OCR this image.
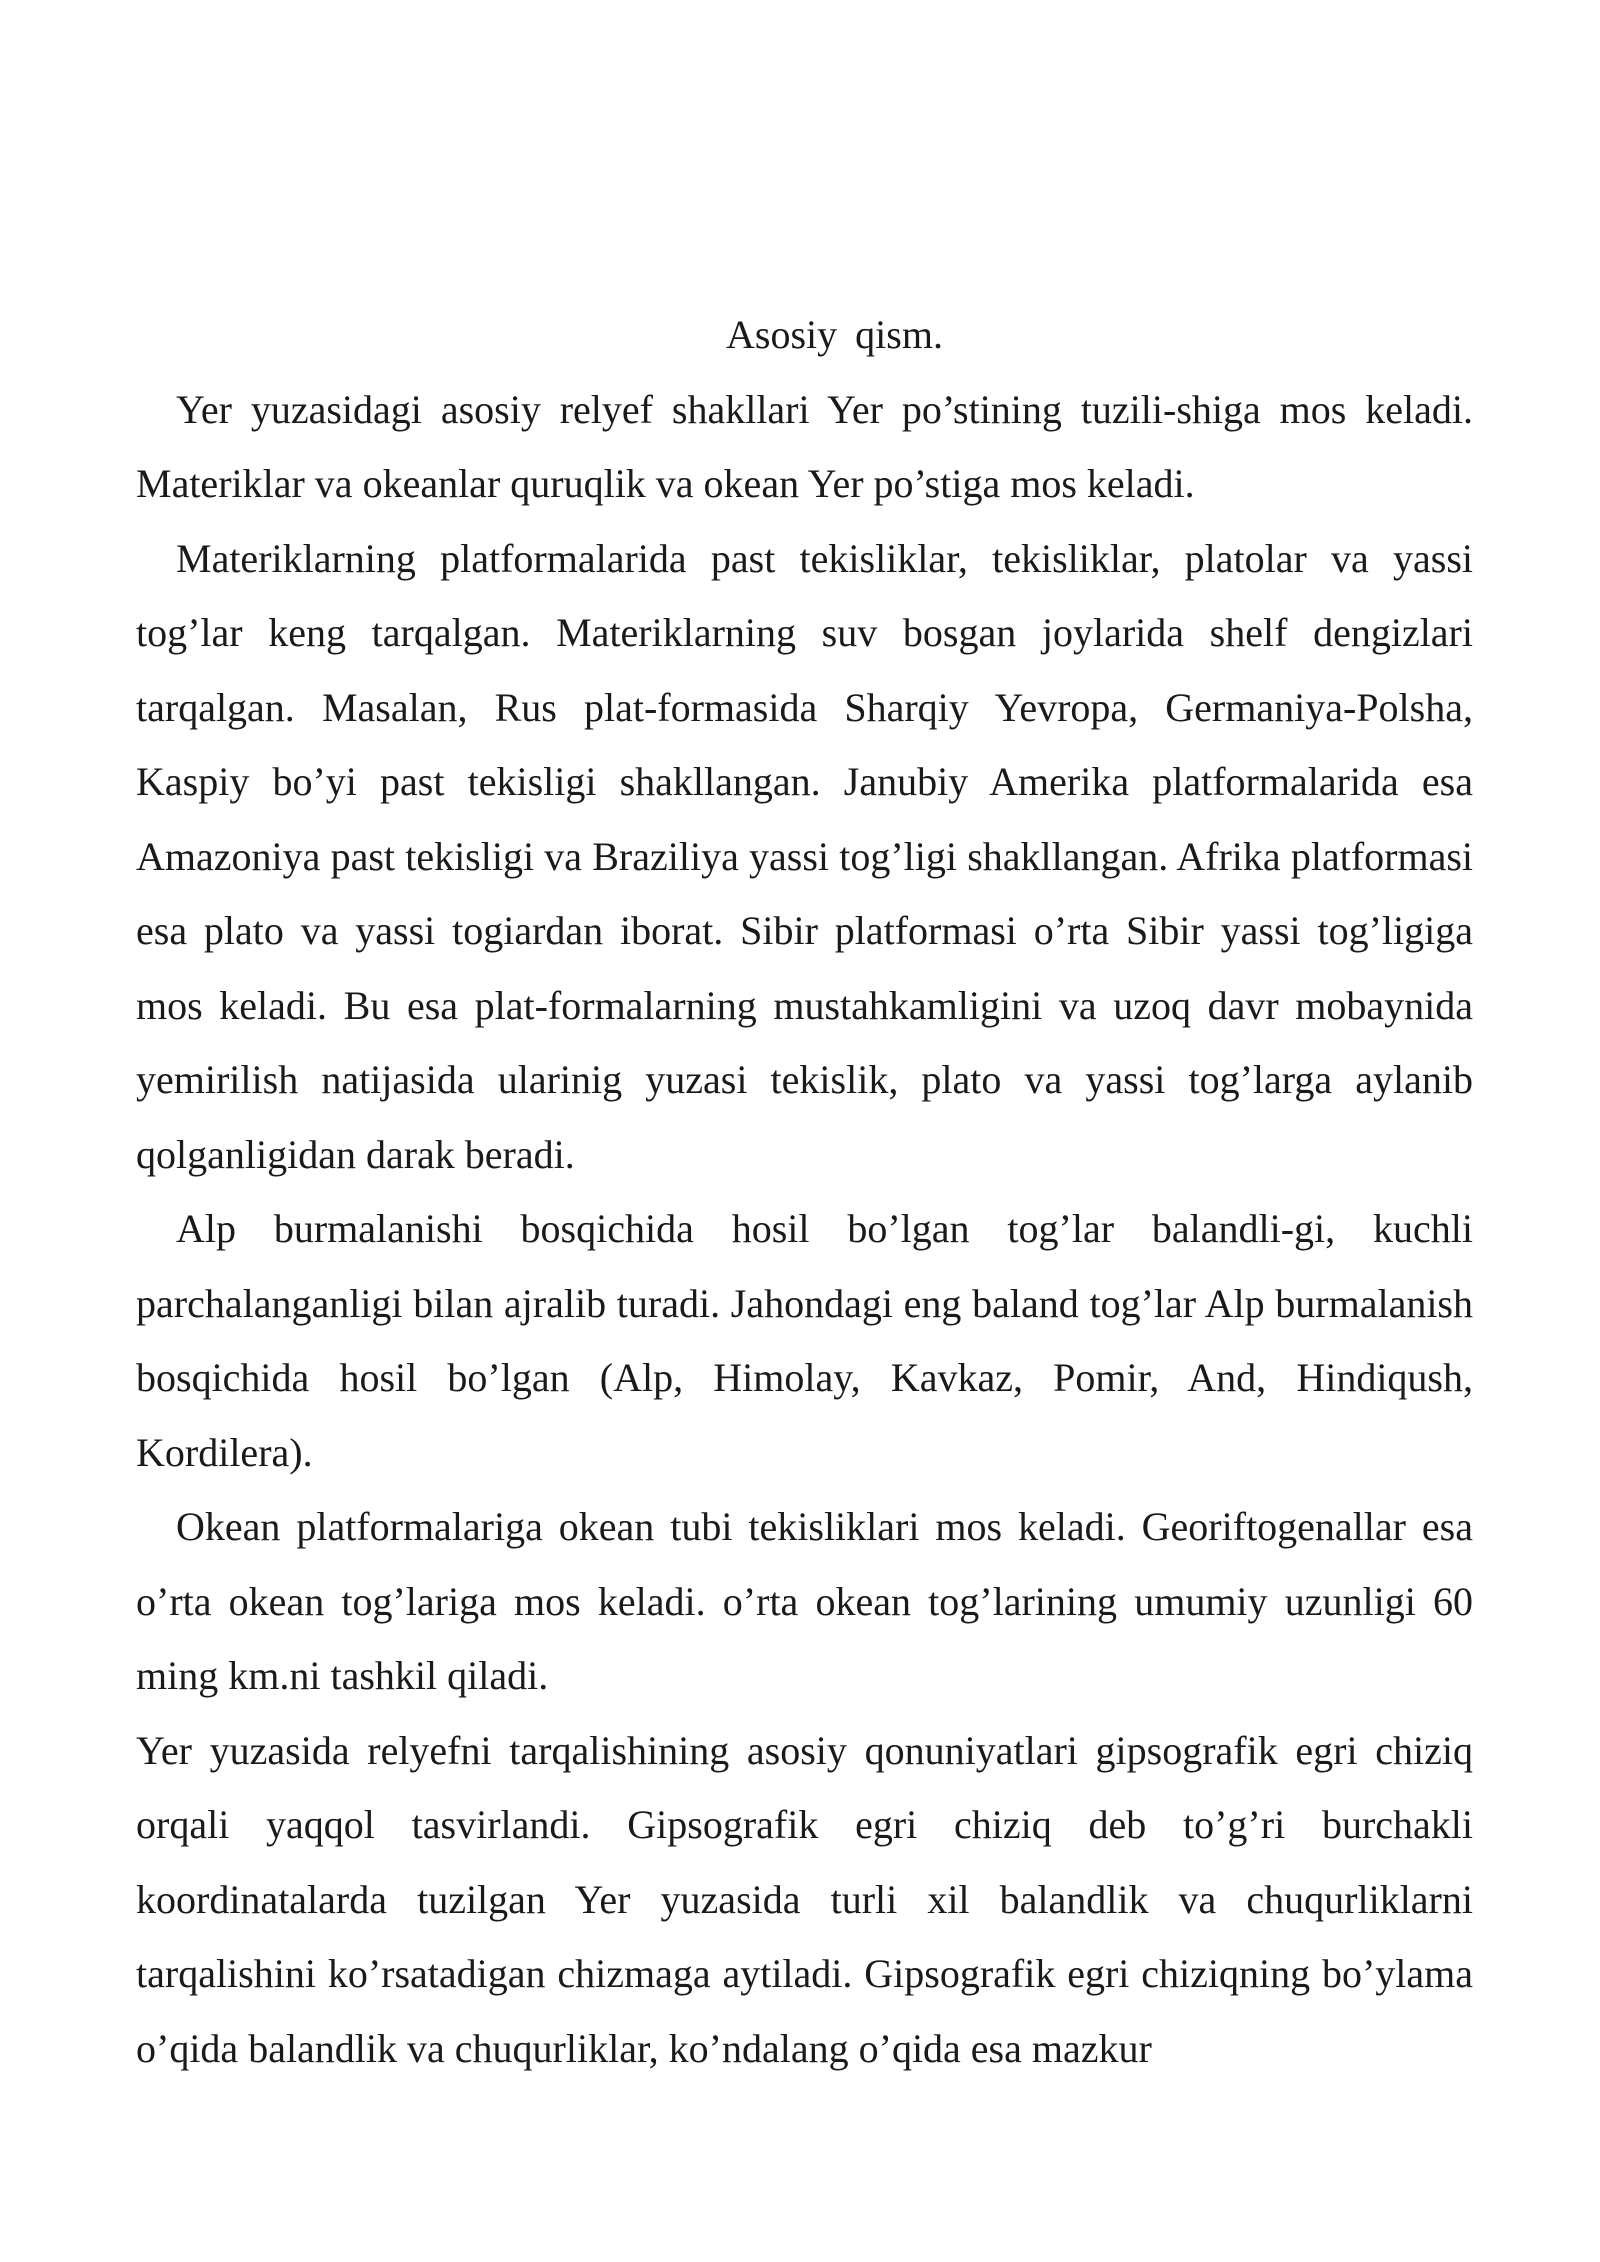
Asosiy qism.

Yer yuzasidagi asosiy relyef shakllari Yer po’stining tuzili-shiga mos keladi. Materiklar va okeanlar quruqlik va okean Yer po’stiga mos keladi.

Materiklarning platformalarida past tekisliklar, tekisliklar, platolar va yassi tog’lar keng tarqalgan. Materiklarning suv bosgan joylarida shelf dengizlari tarqalgan. Masalan, Rus plat-formasida Sharqiy Yevropa, Germaniya-Polsha, Kaspiy bo’yi past tekisligi shakllangan. Janubiy Amerika platformalarida esa Amazoniya past tekisligi va Braziliya yassi tog’ligi shakllangan. Afrika platformasi esa plato va yassi togiardan iborat. Sibir platformasi o’rta Sibir yassi tog’ligiga mos keladi. Bu esa plat-formalarning mustahkamligini va uzoq davr mobaynida yemirilish natijasida ularinig yuzasi tekislik, plato va yassi tog’larga aylanib qolganligidan darak beradi.

Alp burmalanishi bosqichida hosil bo’lgan tog’lar balandli-gi, kuchli parchalanganligi bilan ajralib turadi. Jahondagi eng baland tog’lar Alp burmalanish bosqichida hosil bo’lgan (Alp, Himolay, Kavkaz, Pomir, And, Hindiqush, Kordilera).

Okean platformalariga okean tubi tekisliklari mos keladi. Georiftogenallar esa o’rta okean tog’lariga mos keladi. o’rta okean tog’larining umumiy uzunligi 60 ming km.ni tashkil qiladi.

Yer yuzasida relyefni tarqalishining asosiy qonuniyatlari gipsografik egri chiziq orqali yaqqol tasvirlandi. Gipsografik egri chiziq deb to’g’ri burchakli koordinatalarda tuzilgan Yer yuzasida turli xil balandlik va chuqurliklarni tarqalishini ko’rsatadigan chizmaga aytiladi. Gipsografik egri chiziqning bo’ylama o’qida balandlik va chuqurliklar, ko’ndalang o’qida esa mazkur
